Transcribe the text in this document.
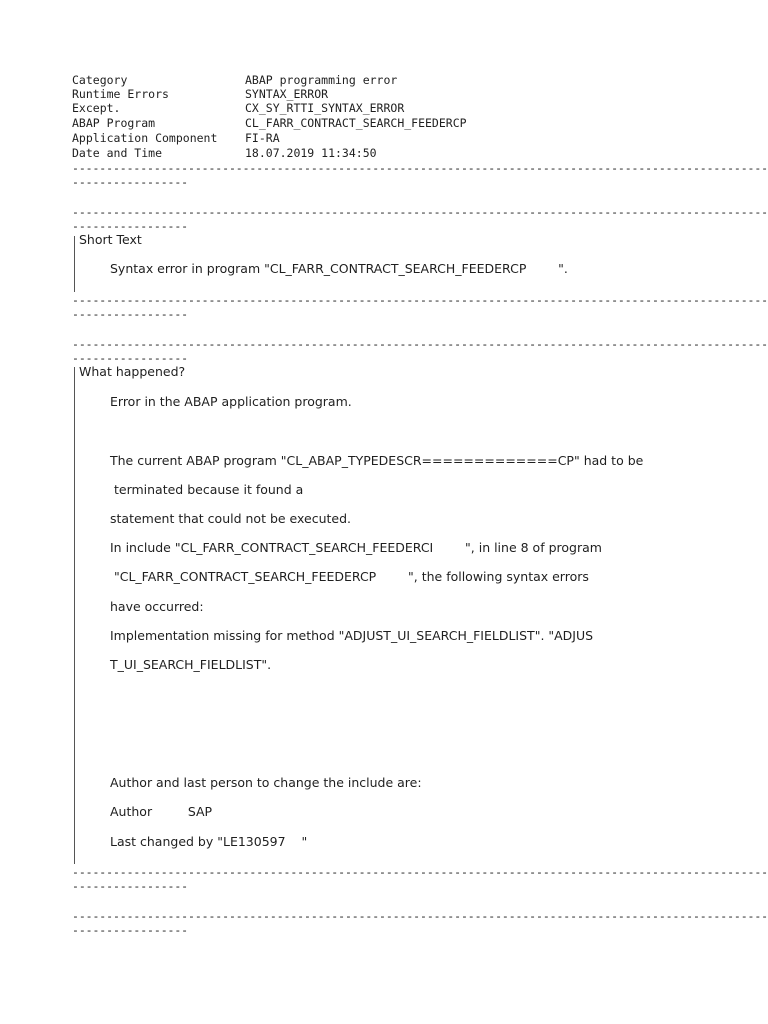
Category	ABAP programming error
Runtime Errors	SYNTAX_ERROR
Except.	CX_SY_RTTI_SYNTAX_ERROR
ABAP Program	CL_FARR_CONTRACT_SEARCH_FEEDERCP
Application Component FI-RA
Date and Time	18.07.2019 11:34:50
------------------------------------------------------------------------------------------------------
-----------------
------------------------------------------------------------------------------------------------------
-----------------
Short Text
Syntax error in program "CL_FARR_CONTRACT_SEARCH_FEEDERCP        ".
------------------------------------------------------------------------------------------------------
-----------------
------------------------------------------------------------------------------------------------------
-----------------
What happened?
Error in the ABAP application program.
The current ABAP program "CL_ABAP_TYPEDESCR=============CP" had to be
terminated because it found a
statement that could not be executed.
In include "CL_FARR_CONTRACT_SEARCH_FEEDERCI        ", in line 8 of program
"CL_FARR_CONTRACT_SEARCH_FEEDERCP        ", the following syntax errors
have occurred:
Implementation missing for method "ADJUST_UI_SEARCH_FIELDLIST". "ADJUS
T_UI_SEARCH_FIELDLIST".
Author and last person to change the include are:
Author         SAP
Last changed by "LE130597    "
------------------------------------------------------------------------------------------------------
-----------------
------------------------------------------------------------------------------------------------------
-----------------
